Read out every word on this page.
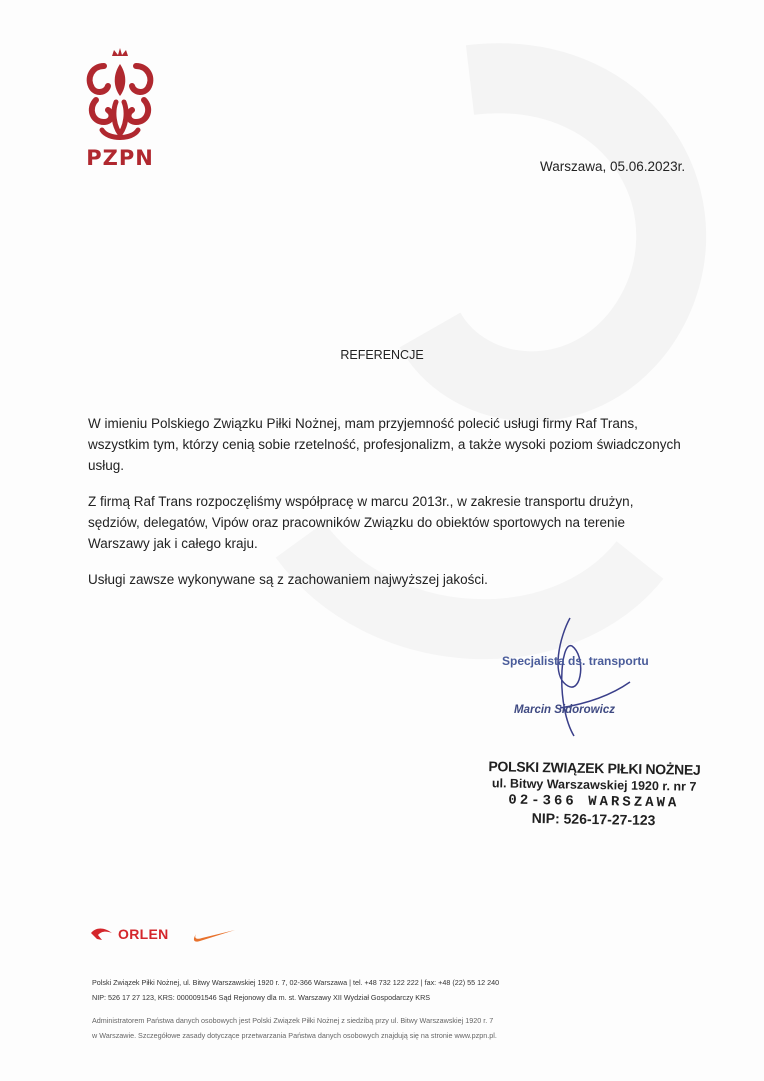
PZPN	Warszawa, 05.06.2023r.
REFERENCJE

W imieniu Polskiego Związku Piłki Nożnej, mam przyjemność polecić usługi firmy Raf Trans, wszystkim tym, którzy cenią sobie rzetelność, profesjonalizm, a także wysoki poziom świadczonych usług.

Z firmą Raf Trans rozpoczęliśmy współpracę w marcu 2013r., w zakresie transportu drużyn, sędziów, delegatów, Vipów oraz pracowników Związku do obiektów sportowych na terenie Warszawy jak i całego kraju.

Usługi zawsze wykonywane są z zachowaniem najwyższej jakości.

Specjalista ds. transportu
Marcin Sidorowicz
POLSKI ZWIĄZEK PIŁKI NOŻNEJ
ul. Bitwy Warszawskiej 1920 r. nr 7
02-366 WARSZAWA
NIP: 526-17-27-123
ORLEN
Polski Związek Piłki Nożnej, ul. Bitwy Warszawskiej 1920 r. 7, 02-366 Warszawa | tel. +48 732 122 222 | fax: +48 (22) 55 12 240
NIP: 526 17 27 123, KRS: 0000091546 Sąd Rejonowy dla m. st. Warszawy XII Wydział Gospodarczy KRS
Administratorem Państwa danych osobowych jest Polski Związek Piłki Nożnej z siedzibą przy ul. Bitwy Warszawskiej 1920 r. 7
w Warszawie. Szczegółowe zasady dotyczące przetwarzania Państwa danych osobowych znajdują się na stronie www.pzpn.pl.
